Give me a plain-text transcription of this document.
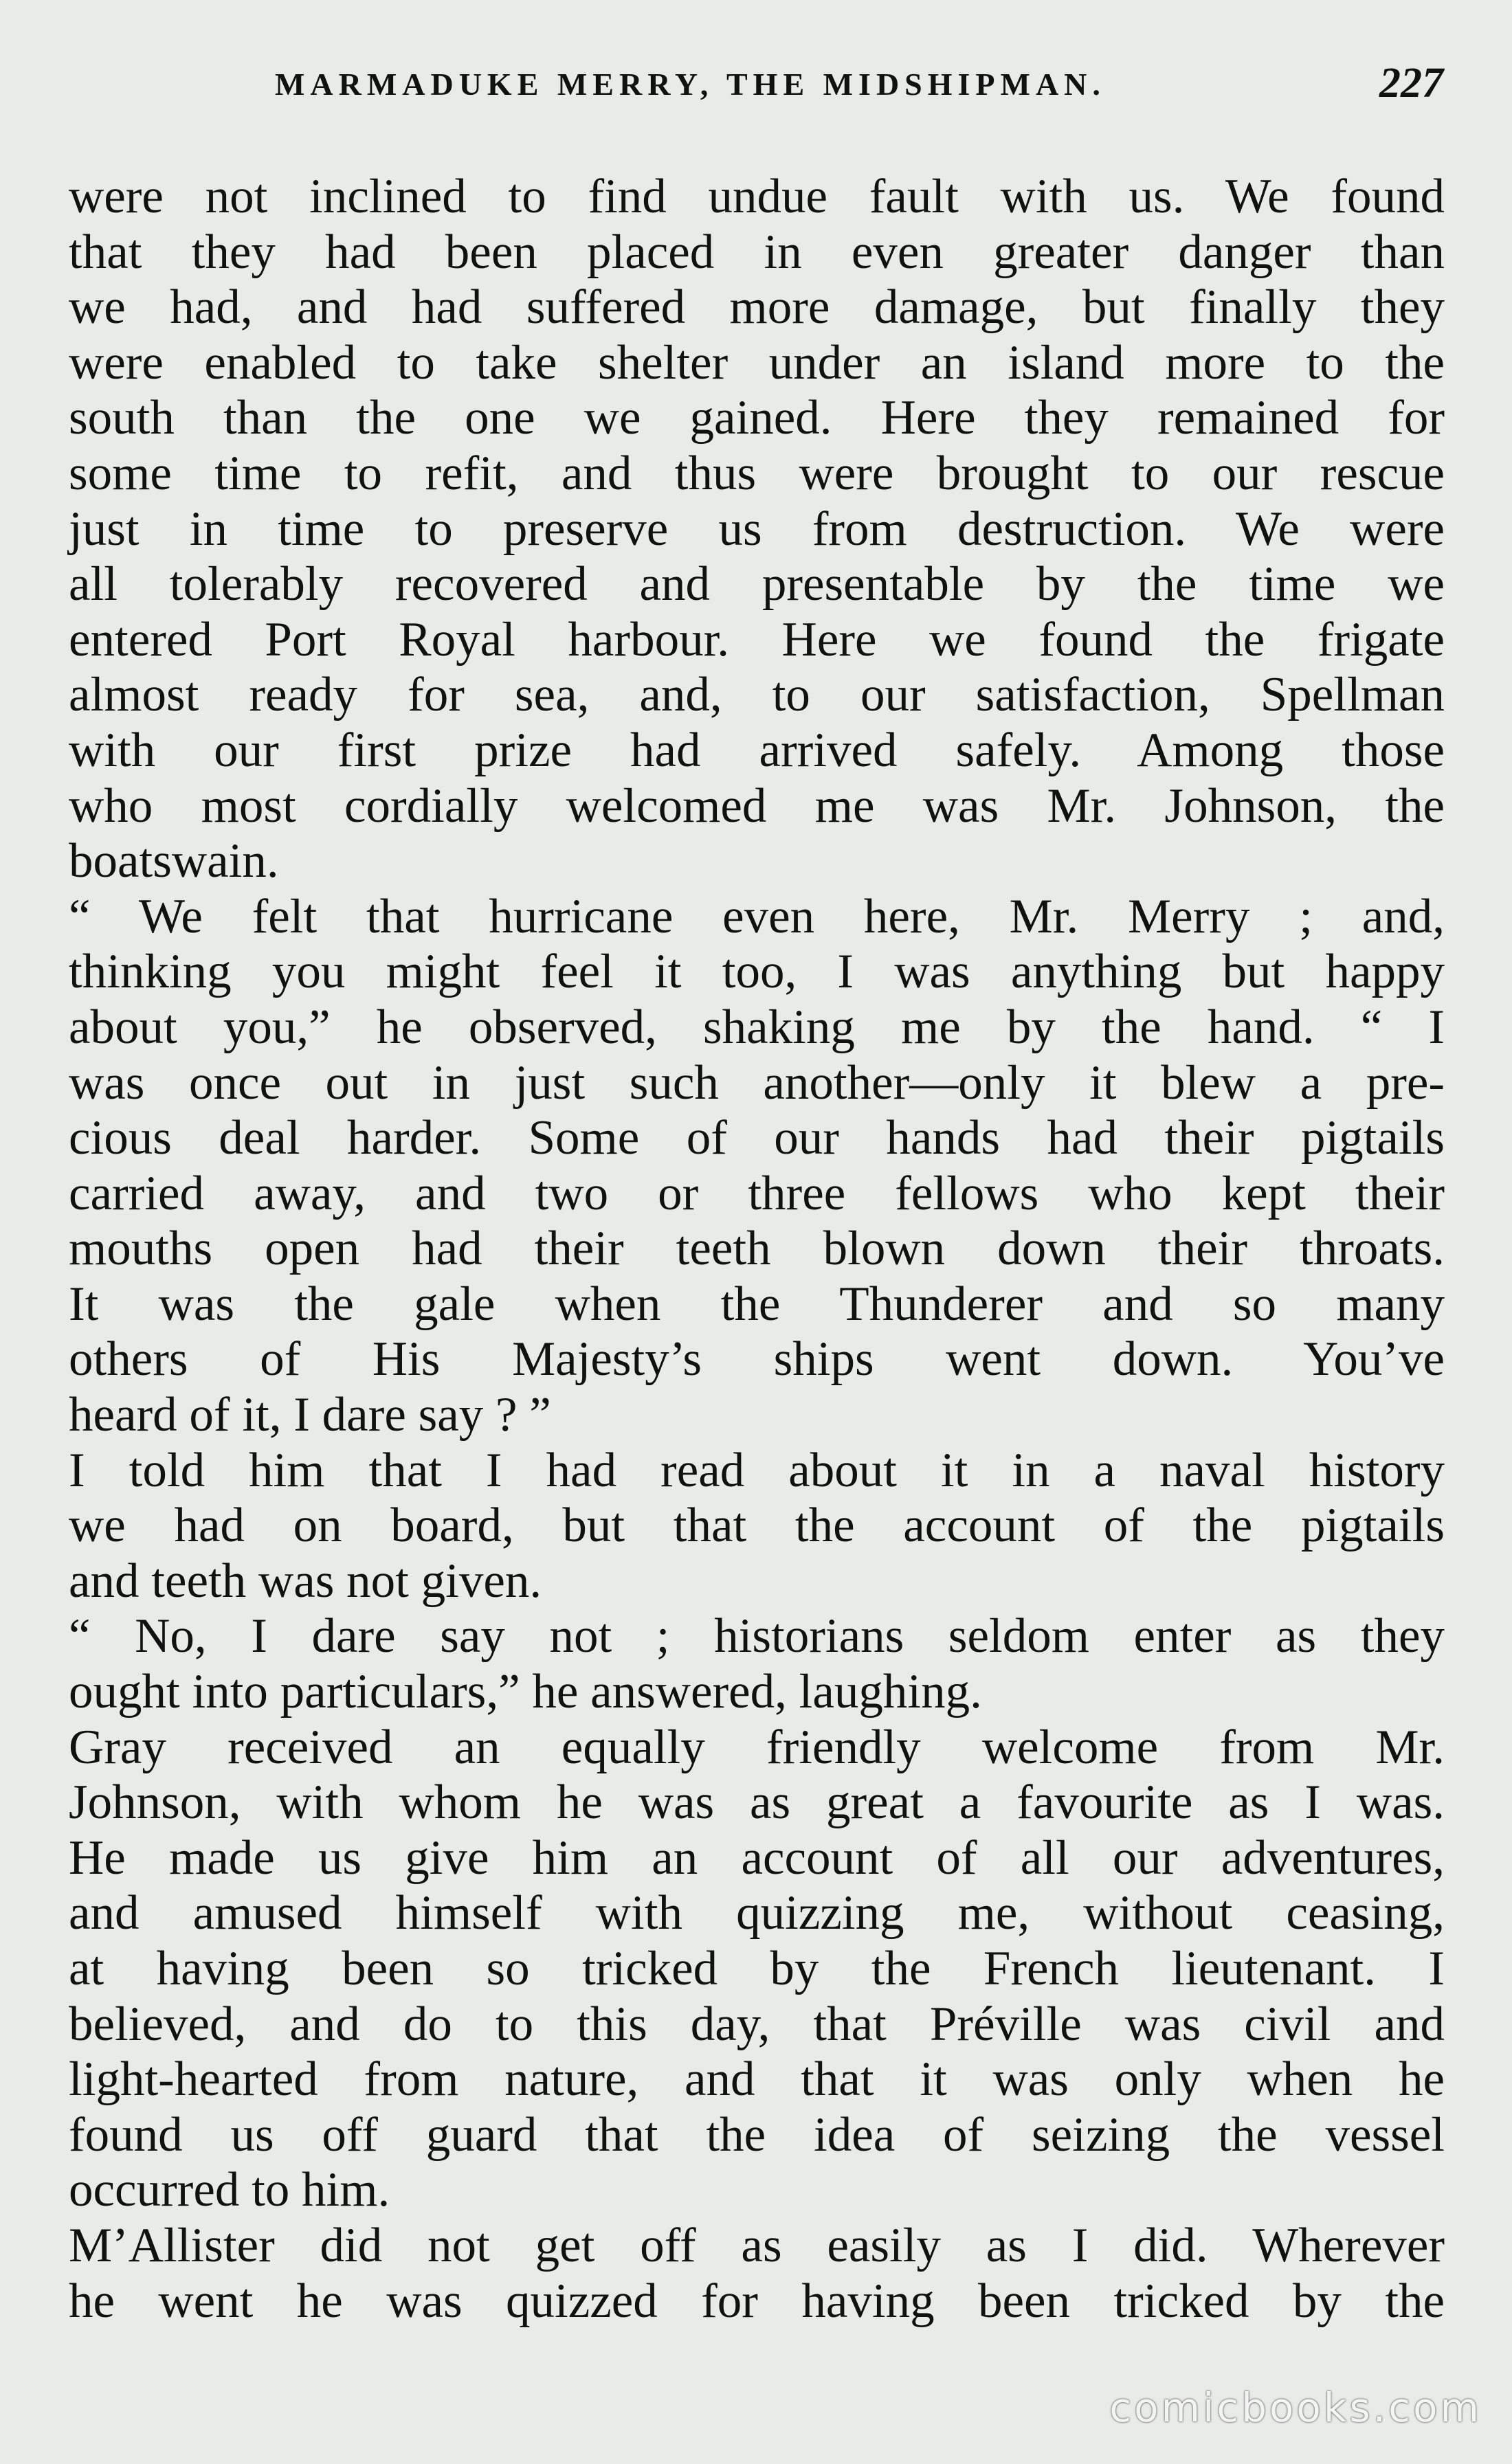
MARMADUKE MERRY, THE MIDSHIPMAN.	227

were not inclined to find undue fault with us. We found
that they had been placed in even greater danger than
we had, and had suffered more damage, but finally they
were enabled to take shelter under an island more to the
south than the one we gained. Here they remained for
some time to refit, and thus were brought to our rescue
just in time to preserve us from destruction. We were
all tolerably recovered and presentable by the time we
entered Port Royal harbour. Here we found the frigate
almost ready for sea, and, to our satisfaction, Spellman
with our first prize had arrived safely. Among those
who most cordially welcomed me was Mr. Johnson, the
boatswain.

“ We felt that hurricane even here, Mr. Merry ; and,
thinking you might feel it too, I was anything but happy
about you,” he observed, shaking me by the hand. “ I
was once out in just such another—only it blew a pre-
cious deal harder. Some of our hands had their pigtails
carried away, and two or three fellows who kept their
mouths open had their teeth blown down their throats.
It was the gale when the Thunderer and so many
others of His Majesty’s ships went down. You’ve
heard of it, I dare say ? ”

I told him that I had read about it in a naval history
we had on board, but that the account of the pigtails
and teeth was not given.

“ No, I dare say not ; historians seldom enter as they
ought into particulars,” he answered, laughing.

Gray received an equally friendly welcome from Mr.
Johnson, with whom he was as great a favourite as I was.
He made us give him an account of all our adventures,
and amused himself with quizzing me, without ceasing,
at having been so tricked by the French lieutenant. I
believed, and do to this day, that Préville was civil and
light-hearted from nature, and that it was only when he
found us off guard that the idea of seizing the vessel
occurred to him.

M’Allister did not get off as easily as I did. Wherever
he went he was quizzed for having been tricked by the

comicbooks.com
